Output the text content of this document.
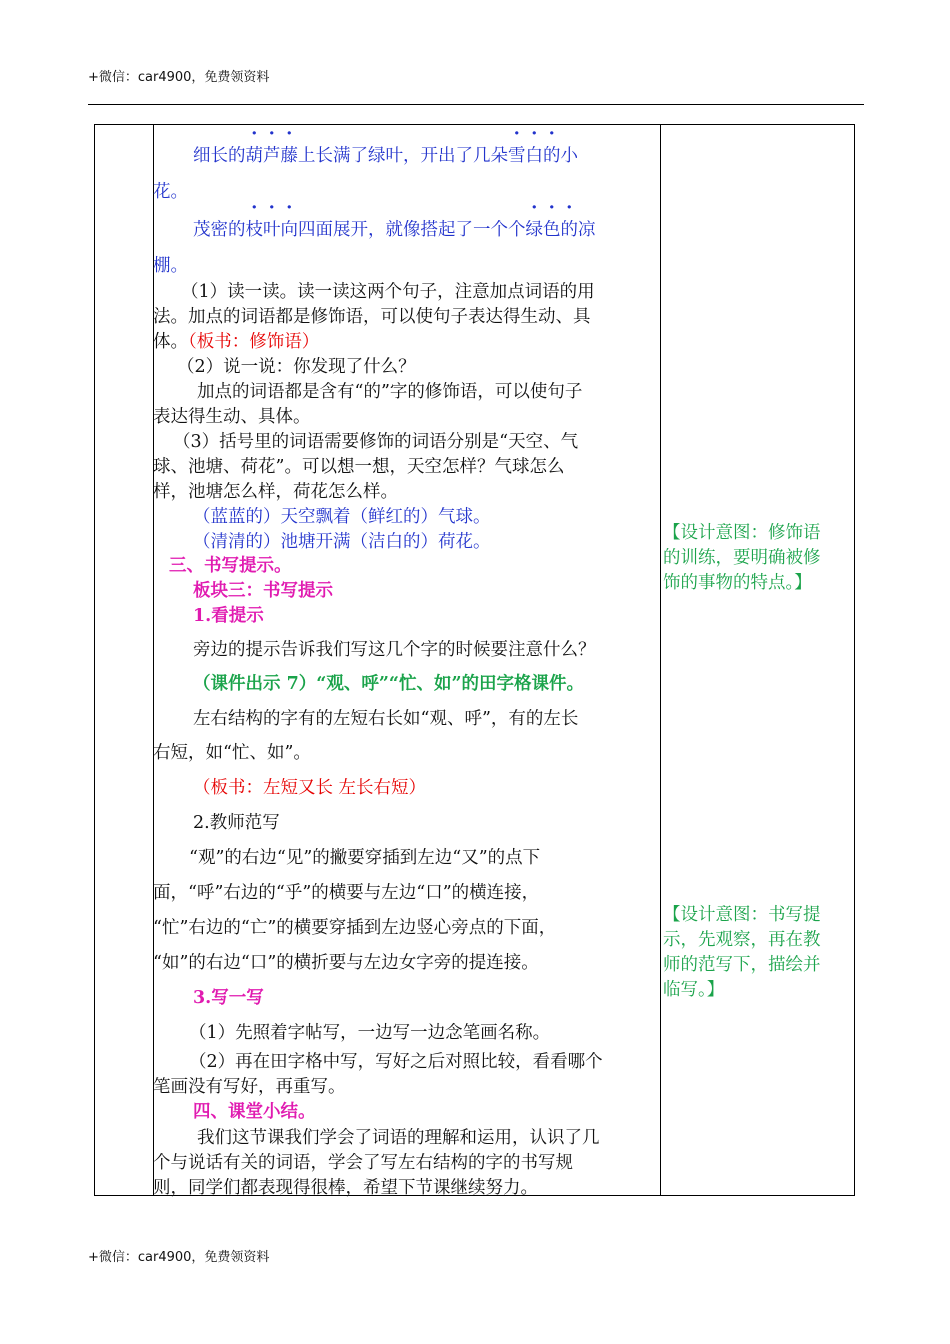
+微信：car4900，免费领资料
细长的葫芦藤上长满了绿叶，开出了几朵雪白的小
花。
茂密的枝叶向四面展开，就像搭起了一个个绿色的凉
棚。
（1）读一读。读一读这两个句子，注意加点词语的用
法。加点的词语都是修饰语，可以使句子表达得生动、具
体。（板书：修饰语）
（2）说一说：你发现了什么？
加点的词语都是含有“的”字的修饰语，可以使句子
表达得生动、具体。
（3）括号里的词语需要修饰的词语分别是“天空、气
球、池塘、荷花”。可以想一想，天空怎样？气球怎么
样，池塘怎么样，荷花怎么样。
（蓝蓝的）天空飘着（鲜红的）气球。
（清清的）池塘开满（洁白的）荷花。
三、书写提示。
板块三：书写提示
1.看提示
旁边的提示告诉我们写这几个字的时候要注意什么？
（课件出示 7）“观、呼”“忙、如”的田字格课件。
左右结构的字有的左短右长如“观、呼”，有的左长
右短，如“忙、如”。
（板书：左短又长 左长右短）
2.教师范写
“观”的右边“见”的撇要穿插到左边“又”的点下
面，“呼”右边的“乎”的横要与左边“口”的横连接，
“忙”右边的“亡”的横要穿插到左边竖心旁点的下面，
“如”的右边“口”的横折要与左边女字旁的提连接。
3.写一写
（1）先照着字帖写，一边写一边念笔画名称。
（2）再在田字格中写，写好之后对照比较，看看哪个
笔画没有写好，再重写。
四、课堂小结。
我们这节课我们学会了词语的理解和运用，认识了几
个与说话有关的词语，学会了写左右结构的字的书写规
则，同学们都表现得很棒，希望下节课继续努力。
【设计意图：修饰语
的训练，要明确被修
饰的事物的特点。】
【设计意图：书写提
示，先观察，再在教
师的范写下，描绘并
临写。】
+微信：car4900，免费领资料
